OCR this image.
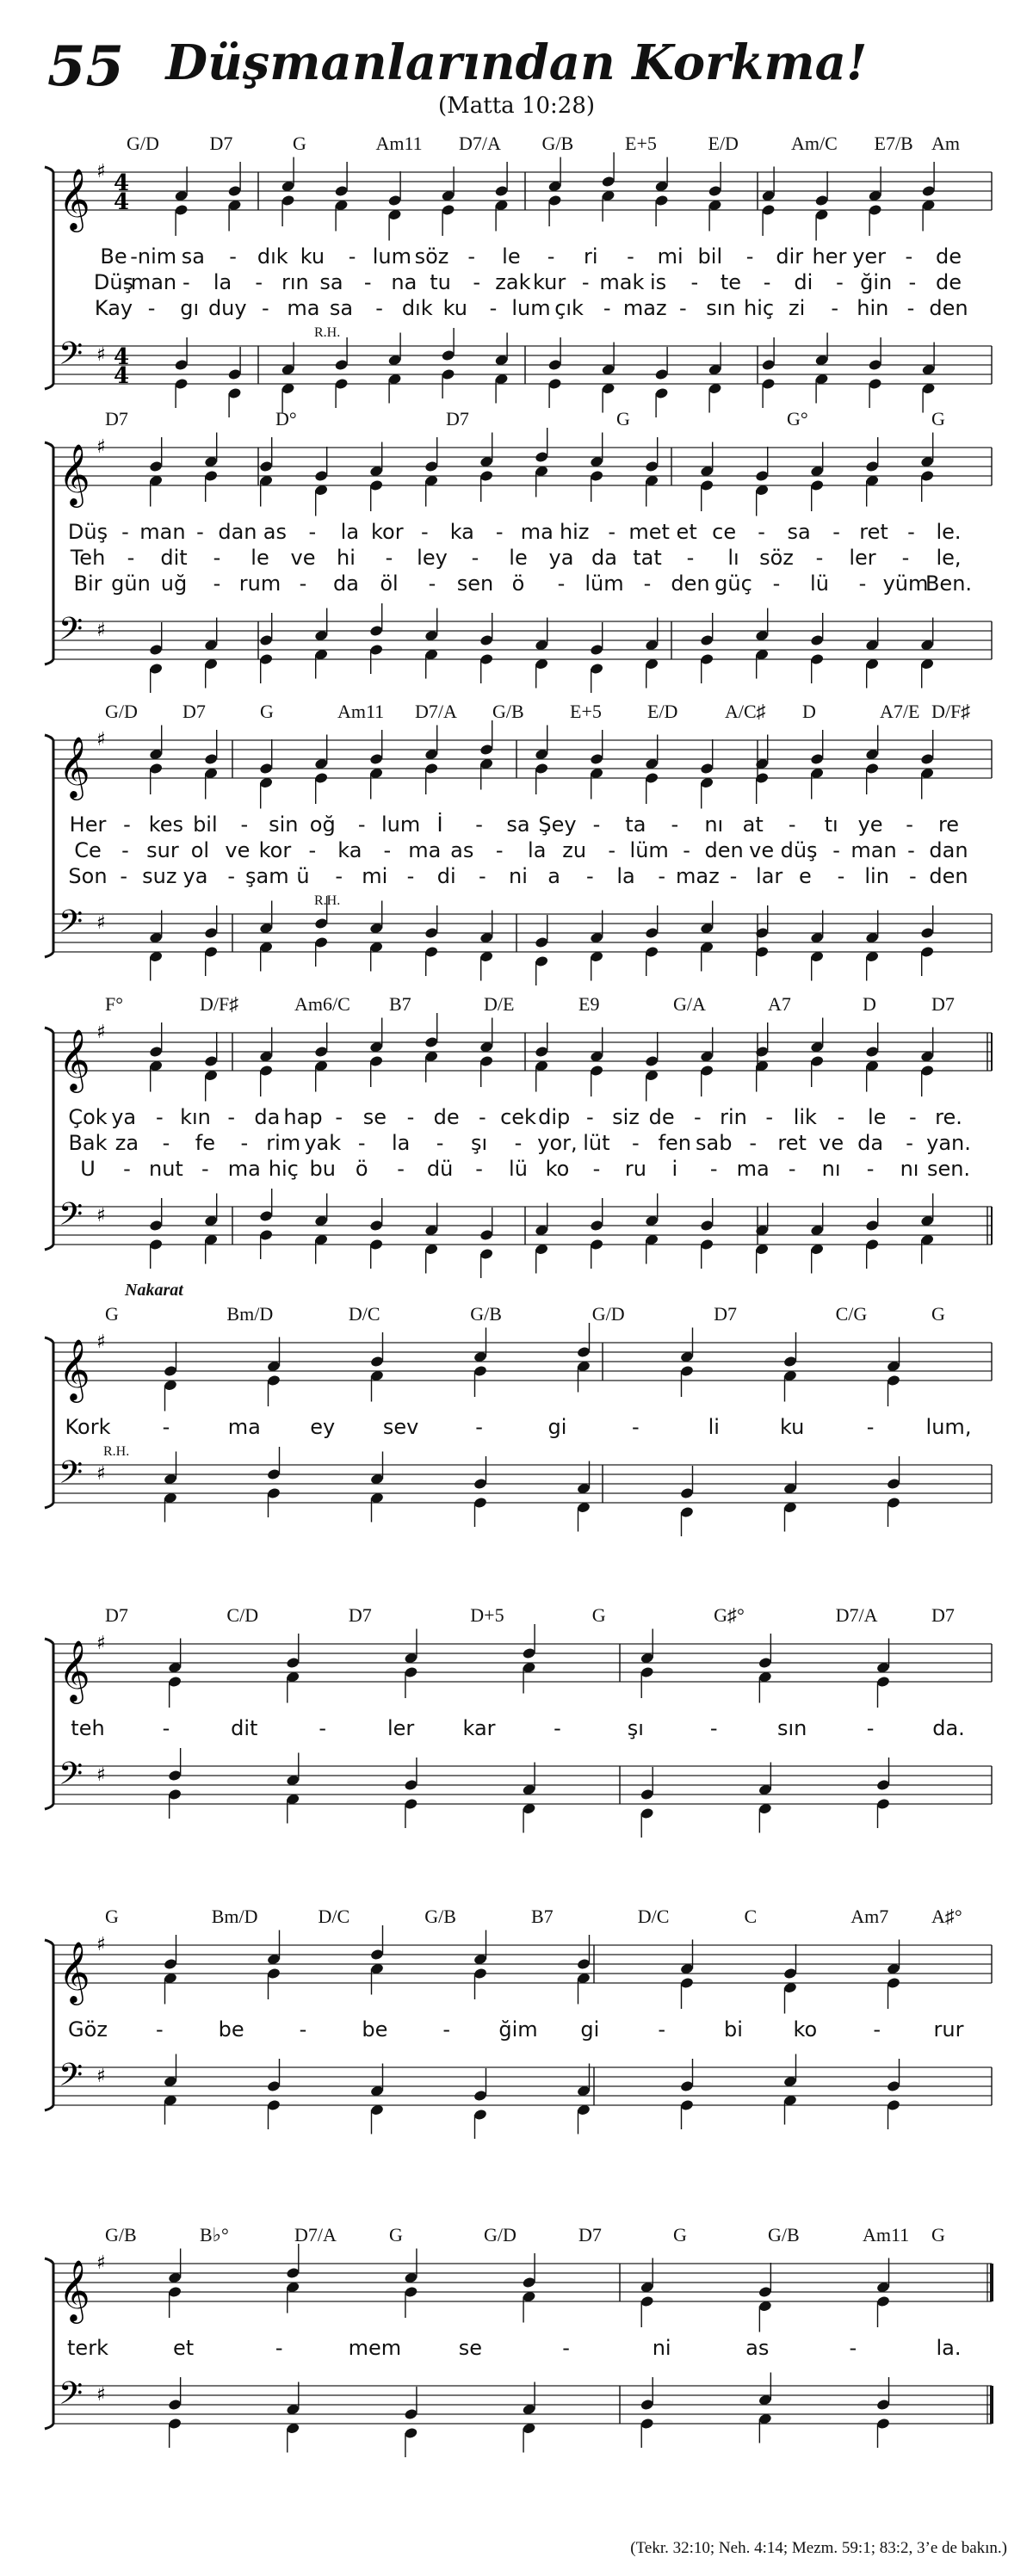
55 Düşmanlarından Korkma!
(Matta 10:28)
𝄞 ♯ 4
4
𝄢 ♯ 4
4
G/D	D7	G	Am11 D7/A G/B	E+5	E/D	Am/C E7/B Am
Be -nim sa - dık ku - lum söz - le - ri - mi bil - dir her yer - de
Düş
-man - la - rın sa - na tu - zak kur - mak is - te - di - ğin - de
Kay - gı duy - ma sa - dık ku - lum çık - maz - sın hiç zi - hin - den
R.H.
𝄞 ♯
𝄢 ♯
D7	D°	D7	G	G°	G
Düş - man - dan as - la kor - ka - ma hiz - met et ce - sa - ret - le.
Teh - dit - le ve hi - ley - le ya da tat - lı söz - ler - le,
Bir gün uğ - rum - da öl - sen ö - lüm - den güç - lü - yüm
Ben.
𝄞 ♯
𝄢 ♯
G/D D7	G	Am11 D7/A G/B E+5 E/D A/C♯ D	A7/E D/F♯
Her - kes bil - sin oğ - lum İ - sa Şey - ta - nı at - tı ye - re
Ce - sur ol ve kor - ka - ma as - la zu - lüm - den ve düş - man - dan
Son - suz ya - şam ü - mi - di - ni a - la - maz - lar e - lin - den
R.H.
𝄞 ♯
𝄢 ♯
F°	D/F♯	Am6/C B7	D/E	E9	G/A	A7	D	D7
Çok ya - kın - da hap - se - de - cek dip - siz de - rin - lik - le - re.
Bak za - fe - rim yak - la - şı - yor, lüt - fen sab - ret ve da - yan.
U - nut - ma hiç bu ö - dü - lü ko - ru i - ma - nı - nı sen.
𝄞 ♯
𝄢 ♯
G	Bm/D	D/C	G/B	G/D	D7	C/G	G
Kork	-	ma ey sev	-	gi	-	li	ku	-	lum,
R.H.
Nakarat
𝄞 ♯
𝄢 ♯
D7	C/D	D7	D+5	G	G♯°	D7/A	D7
teh	-	dit	-	ler kar	-	şı	-	sın	-	da.
𝄞 ♯
𝄢 ♯
G	Bm/D	D/C	G/B	B7	D/C	C	Am7 A♯°
Göz -	be	-	be	- ğim gi	-	bi ko	-	rur
𝄞 ♯
𝄢 ♯
G/B	B♭°	D7/A	G	G/D	D7	G	G/B	Am11 G
terk	et	-	mem	se	-	ni	as	-	la.
(Tekr. 32:10; Neh. 4:14; Mezm. 59:1; 83:2, 3’e de bakın.)
